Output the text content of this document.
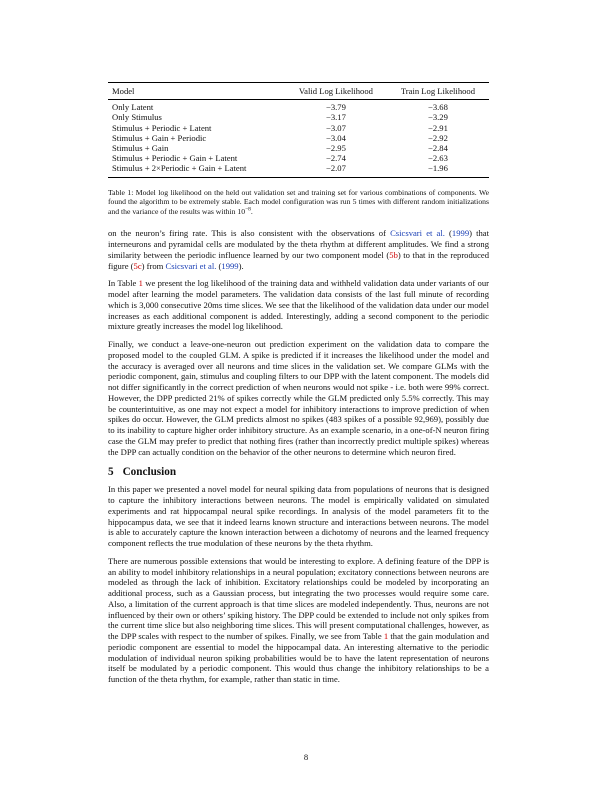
Model	Valid Log Likelihood	Train Log Likelihood
Only Latent	−3.79	−3.68
Only Stimulus	−3.17	−3.29
Stimulus + Periodic + Latent	−3.07	−2.91
Stimulus + Gain + Periodic	−3.04	−2.92
Stimulus + Gain	−2.95	−2.84
Stimulus + Periodic + Gain + Latent	−2.74	−2.63
Stimulus + 2×Periodic + Gain + Latent	−2.07	−1.96
Table 1: Model log likelihood on the held out validation set and training set for various combinations of components. We found the algorithm to be extremely stable. Each model configuration was run 5 times with different random initializations and the variance of the results was within $10^{-8}$.

on the neuron’s firing rate. This is also consistent with the observations of Csicsvari et al. (1999) that interneurons and pyramidal cells are modulated by the theta rhythm at different amplitudes. We find a strong similarity between the periodic influence learned by our two component model (5b) to that in the reproduced figure (5c) from Csicsvari et al. (1999).

In Table 1 we present the log likelihood of the training data and withheld validation data under variants of our model after learning the model parameters. The validation data consists of the last full minute of recording which is 3,000 consecutive 20ms time slices. We see that the likelihood of the validation data under our model increases as each additional component is added. Interestingly, adding a second component to the periodic mixture greatly increases the model log likelihood.

Finally, we conduct a leave-one-neuron out prediction experiment on the validation data to compare the proposed model to the coupled GLM. A spike is predicted if it increases the likelihood under the model and the accuracy is averaged over all neurons and time slices in the validation set. We compare GLMs with the periodic component, gain, stimulus and coupling filters to our DPP with the latent component. The models did not differ significantly in the correct prediction of when neurons would not spike - i.e. both were 99% correct. However, the DPP predicted 21% of spikes correctly while the GLM predicted only 5.5% correctly. This may be counterintuitive, as one may not expect a model for inhibitory interactions to improve prediction of when spikes do occur. However, the GLM predicts almost no spikes (483 spikes of a possible 92,969), possibly due to its inability to capture higher order inhibitory structure. As an example scenario, in a one-of-N neuron firing case the GLM may prefer to predict that nothing fires (rather than incorrectly predict multiple spikes) whereas the DPP can actually condition on the behavior of the other neurons to determine which neuron fired.

5 Conclusion

In this paper we presented a novel model for neural spiking data from populations of neurons that is designed to capture the inhibitory interactions between neurons. The model is empirically validated on simulated experiments and rat hippocampal neural spike recordings. In analysis of the model parameters fit to the hippocampus data, we see that it indeed learns known structure and interactions between neurons. The model is able to accurately capture the known interaction between a dichotomy of neurons and the learned frequency component reflects the true modulation of these neurons by the theta rhythm.

There are numerous possible extensions that would be interesting to explore. A defining feature of the DPP is an ability to model inhibitory relationships in a neural population; excitatory connections between neurons are modeled as through the lack of inhibition. Excitatory relationships could be modeled by incorporating an additional process, such as a Gaussian process, but integrating the two processes would require some care. Also, a limitation of the current approach is that time slices are modeled independently. Thus, neurons are not influenced by their own or others’ spiking history. The DPP could be extended to include not only spikes from the current time slice but also neighboring time slices. This will present computational challenges, however, as the DPP scales with respect to the number of spikes. Finally, we see from Table 1 that the gain modulation and periodic component are essential to model the hippocampal data. An interesting alternative to the periodic modulation of individual neuron spiking probabilities would be to have the latent representation of neurons itself be modulated by a periodic component. This would thus change the inhibitory relationships to be a function of the theta rhythm, for example, rather than static in time.

8
